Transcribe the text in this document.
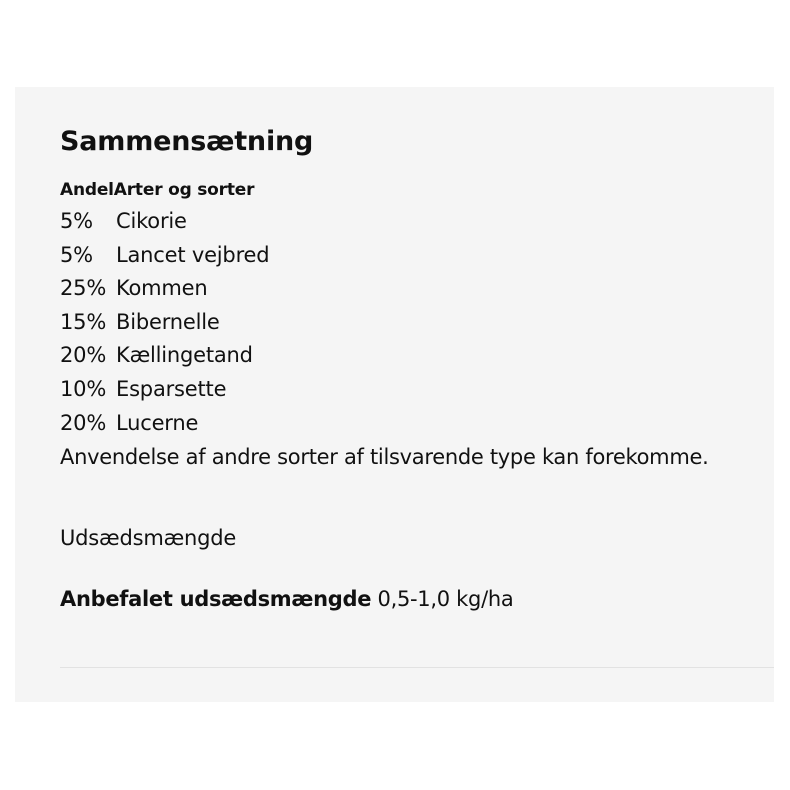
Sammensætning
AndelArter og sorter
5% Cikorie
5% Lancet vejbred
25% Kommen
15% Bibernelle
20% Kællingetand
10% Esparsette
20% Lucerne
Anvendelse af andre sorter af tilsvarende type kan forekomme.
Udsædsmængde
Anbefalet udsædsmængde 0,5-1,0 kg/ha
